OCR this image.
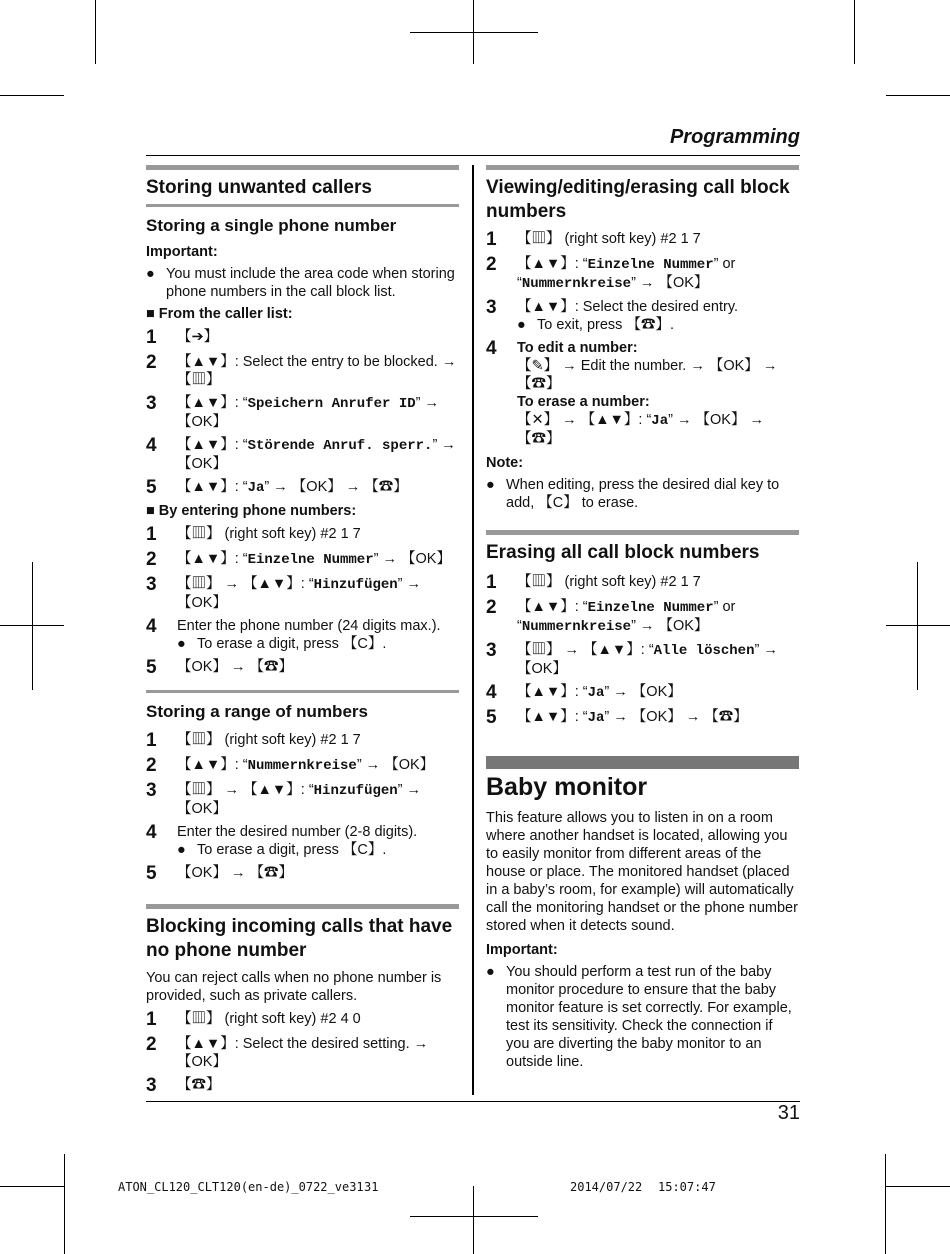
Programming
Storing unwanted callers
Storing a single phone number

Important:

● You must include the area code when storing phone numbers in the call block list.
■ From the caller list:
1	【➔】
2	【▲▼】: Select the entry to be blocked. → 【▥】
3	【▲▼】: “Speichern Anrufer ID” → 【OK】
4	【▲▼】: “Störende Anruf. sperr.” → 【OK】
5	【▲▼】: “Ja” → 【OK】 → 【☎】
■ By entering phone numbers:
1	【▥】 (right soft key) #2 1 7
2	【▲▼】: “Einzelne Nummer” → 【OK】
3	【▥】 → 【▲▼】: “Hinzufügen” → 【OK】
4	Enter the phone number (24 digits max.).
● To erase a digit, press 【C】.
5	【OK】 → 【☎】
Storing a range of numbers
1	【▥】 (right soft key) #2 1 7
2	【▲▼】: “Nummernkreise” → 【OK】
3	【▥】 → 【▲▼】: “Hinzufügen” → 【OK】
4	Enter the desired number (2-8 digits).
● To erase a digit, press 【C】.
5	【OK】 → 【☎】
Blocking incoming calls that have no phone number

You can reject calls when no phone number is provided, such as private callers.

1	【▥】 (right soft key) #2 4 0
2	【▲▼】: Select the desired setting. → 【OK】
3	【☎】
Viewing/editing/erasing call block numbers
1	【▥】 (right soft key) #2 1 7
2	【▲▼】: “Einzelne Nummer” or “Nummernkreise” → 【OK】
3	【▲▼】: Select the desired entry.
● To exit, press 【☎】.
4	To edit a number:
【✎】 → Edit the number. → 【OK】 → 【☎】
To erase a number:
【✕】 → 【▲▼】: “Ja” → 【OK】 → 【☎】

Note:

● When editing, press the desired dial key to add, 【C】 to erase.
Erasing all call block numbers
1	【▥】 (right soft key) #2 1 7
2	【▲▼】: “Einzelne Nummer” or “Nummernkreise” → 【OK】
3	【▥】 → 【▲▼】: “Alle löschen” → 【OK】
4	【▲▼】: “Ja” → 【OK】
5	【▲▼】: “Ja” → 【OK】 → 【☎】
Baby monitor

This feature allows you to listen in on a room where another handset is located, allowing you to easily monitor from different areas of the house or place. The monitored handset (placed in a baby’s room, for example) will automatically call the monitoring handset or the phone number stored when it detects sound.

Important:

● You should perform a test run of the baby monitor procedure to ensure that the baby monitor feature is set correctly. For example, test its sensitivity. Check the connection if you are diverting the baby monitor to an outside line.
31
ATON_CL120_CLT120(en-de)_0722_ve31 31	2014/07/22 15:07:47
